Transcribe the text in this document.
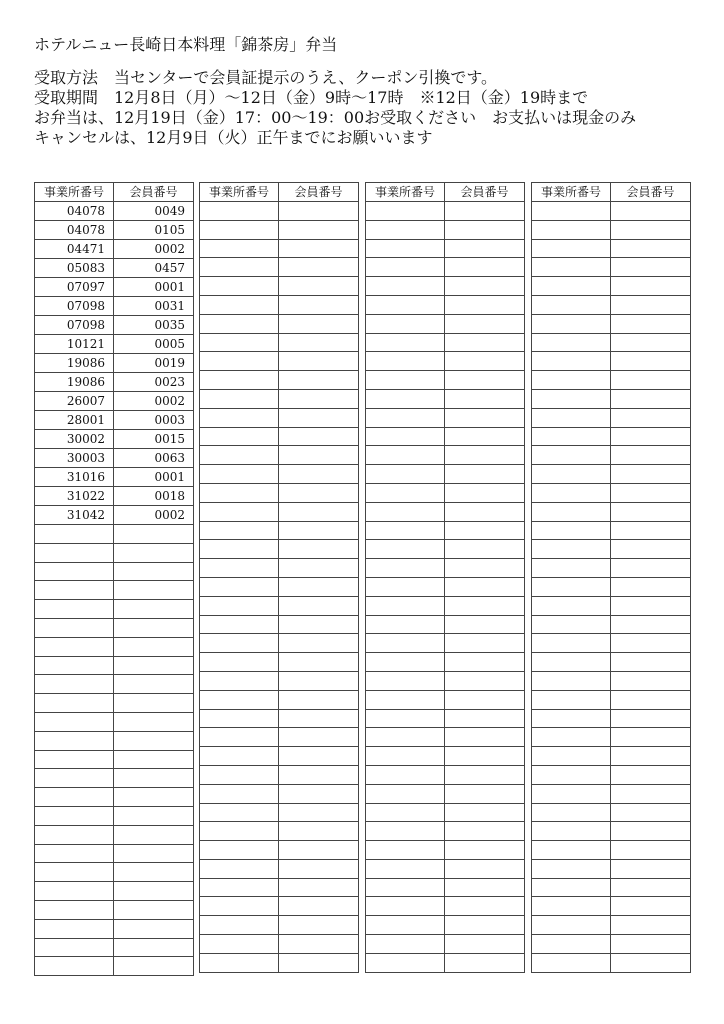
ホテルニュー長崎日本料理「錦茶房」弁当
受取方法　当センターで会員証提示のうえ、クーポン引換です。
受取期間　12月8日（月）～12日（金）9時～17時　※12日（金）19時まで
お弁当は、12月19日（金）17：00～19：00お受取ください　お支払いは現金のみ
キャンセルは、12月9日（火）正午までにお願いいます
事業所番号	会員番号
04078	0049
04078	0105
04471	0002
05083	0457
07097	0001
07098	0031
07098	0035
10121	0005
19086	0019
19086	0023
26007	0002
28001	0003
30002	0015
30003	0063
31016	0001
31022	0018
31042	0002

事業所番号	会員番号

		事業所番号	会員番号

		事業所番号	会員番号
